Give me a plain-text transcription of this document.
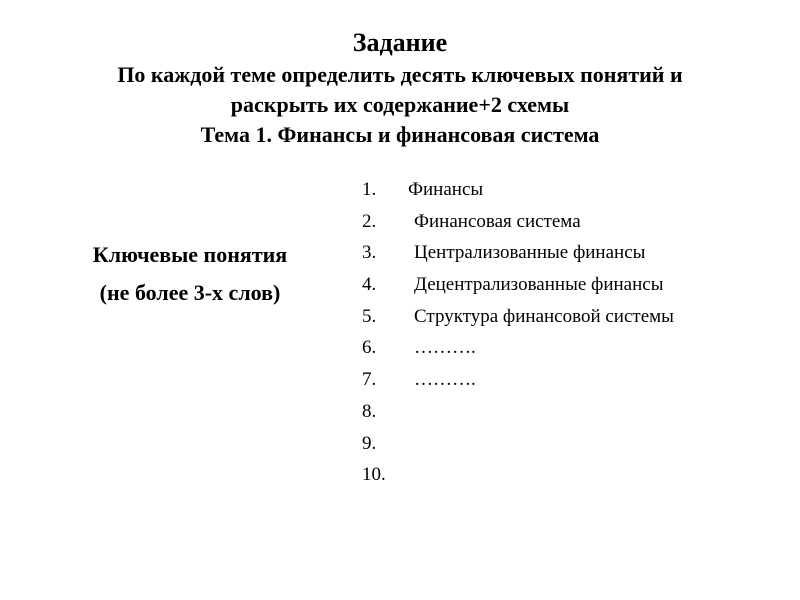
Задание
По каждой теме определить десять ключевых понятий и
раскрыть их содержание+2 схемы
Тема 1. Финансы и финансовая система
Ключевые понятия
(не более 3-х слов)
1. Финансы
2. Финансовая система
3. Централизованные финансы
4. Децентрализованные финансы
5. Структура финансовой системы
6. ……….
7. ……….
8.
9.
10.
